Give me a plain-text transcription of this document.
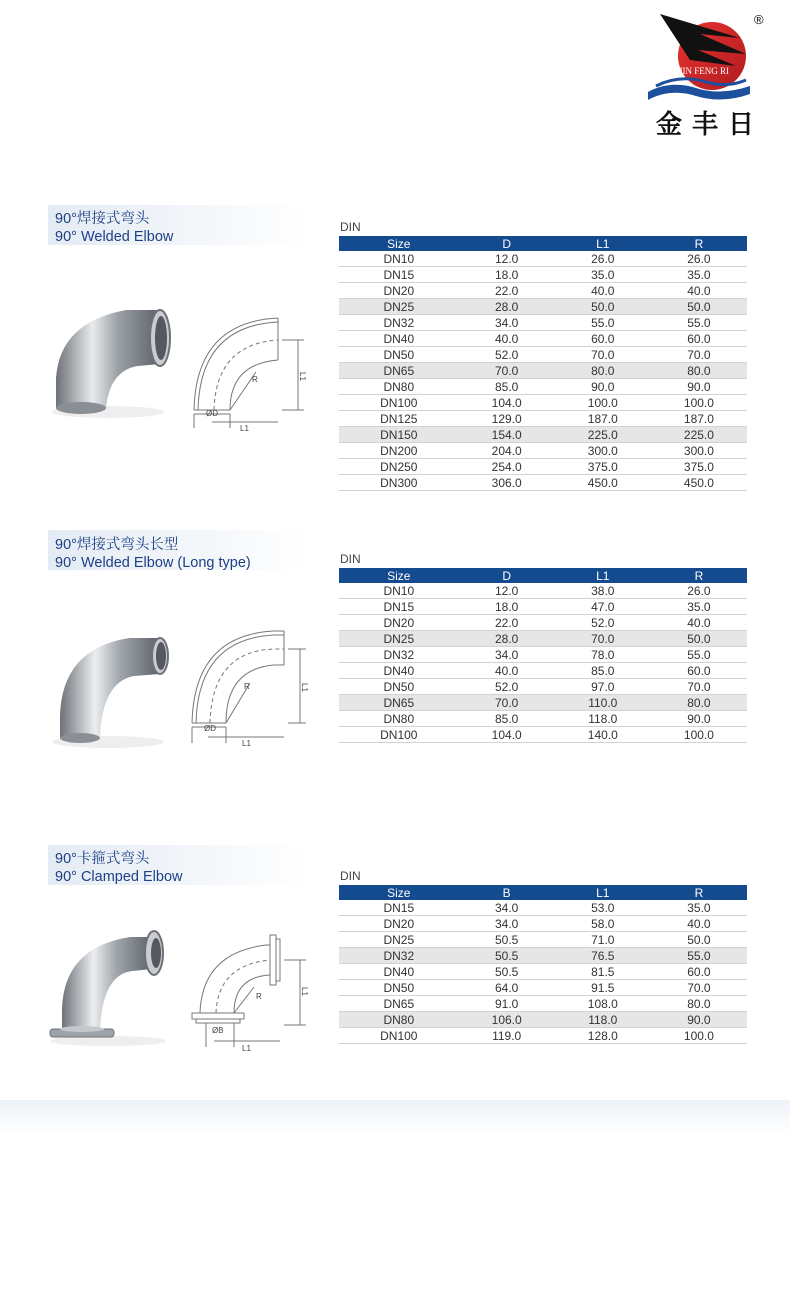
JIN FENG RI
®
金丰日
90°焊接式弯头
90° Welded Elbow
ØD
L1
L1
R
DIN
Size	D	L1	R
DN10	12.0	26.0	26.0
DN15	18.0	35.0	35.0
DN20	22.0	40.0	40.0
DN25	28.0	50.0	50.0
DN32	34.0	55.0	55.0
DN40	40.0	60.0	60.0
DN50	52.0	70.0	70.0
DN65	70.0	80.0	80.0
DN80	85.0	90.0	90.0
DN100	104.0	100.0	100.0
DN125	129.0	187.0	187.0
DN150	154.0	225.0	225.0
DN200	204.0	300.0	300.0
DN250	254.0	375.0	375.0
DN300	306.0	450.0	450.0
90°焊接式弯头长型
90° Welded Elbow (Long type)
ØD
L1
L1
R
DIN
Size	D	L1	R
DN10	12.0	38.0	26.0
DN15	18.0	47.0	35.0
DN20	22.0	52.0	40.0
DN25	28.0	70.0	50.0
DN32	34.0	78.0	55.0
DN40	40.0	85.0	60.0
DN50	52.0	97.0	70.0
DN65	70.0	110.0	80.0
DN80	85.0	118.0	90.0
DN100	104.0	140.0	100.0
90°卡箍式弯头
90° Clamped Elbow
ØB
L1
L1
R
DIN
Size	B	L1	R
DN15	34.0	53.0	35.0
DN20	34.0	58.0	40.0
DN25	50.5	71.0	50.0
DN32	50.5	76.5	55.0
DN40	50.5	81.5	60.0
DN50	64.0	91.5	70.0
DN65	91.0	108.0	80.0
DN80	106.0	118.0	90.0
DN100	119.0	128.0	100.0
